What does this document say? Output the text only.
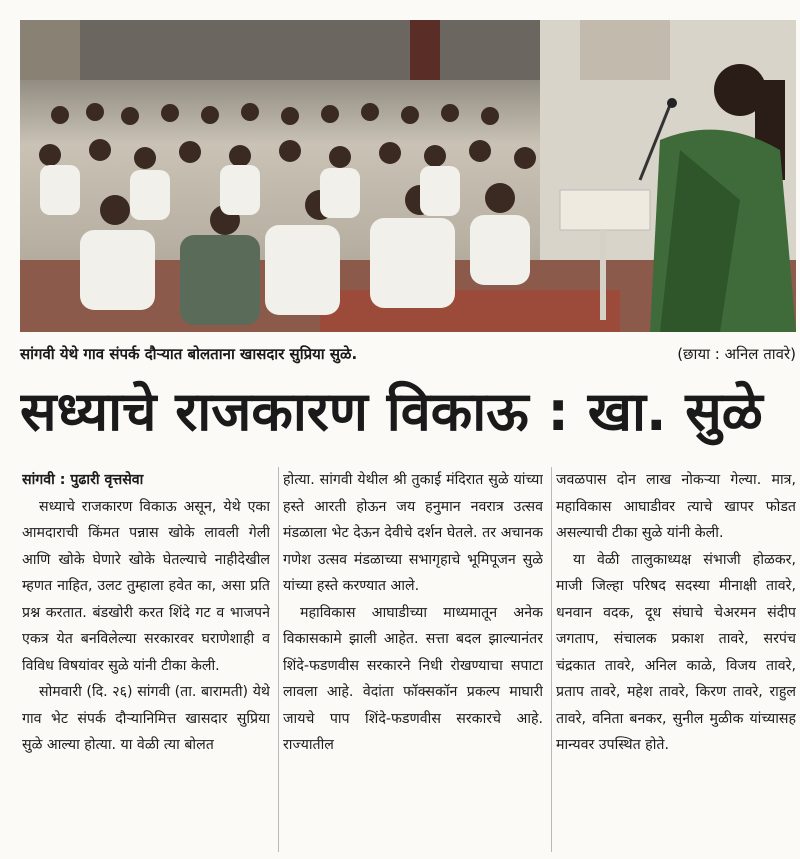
सांगवी येथे गाव संपर्क दौऱ्यात बोलताना खासदार सुप्रिया सुळे.	(छाया : अनिल तावरे)
सध्याचे राजकारण विकाऊ : खा. सुळे

सांगवी : पुढारी वृत्तसेवा

सध्याचे राजकारण विकाऊ असून, येथे एका आमदाराची किंमत पन्नास खोके लावली गेली आणि खोके घेणारे खोके घेतल्याचे नाहीदेखील म्हणत नाहित, उलट तुम्हाला हवेत का, असा प्रति प्रश्न करतात. बंडखोरी करत शिंदे गट व भाजपने एकत्र येत बनविलेल्या सरकारवर घराणेशाही व विविध विषयांवर सुळे यांनी टीका केली.

सोमवारी (दि. २६) सांगवी (ता. बारामती) येथे गाव भेट संपर्क दौऱ्यानिमित्त खासदार सुप्रिया सुळे आल्या होत्या. या वेळी त्या बोलत

होत्या. सांगवी येथील श्री तुकाई मंदिरात सुळे यांच्या हस्ते आरती होऊन जय हनुमान नवरात्र उत्सव मंडळाला भेट देऊन देवीचे दर्शन घेतले. तर अचानक गणेश उत्सव मंडळाच्या सभागृहाचे भूमिपूजन सुळे यांच्या हस्ते करण्यात आले.

महाविकास आघाडीच्या माध्यमातून अनेक विकासकामे झाली आहेत. सत्ता बदल झाल्यानंतर शिंदे-फडणवीस सरकारने निधी रोखण्याचा सपाटा लावला आहे. वेदांता फॉक्सकॉन प्रकल्प माघारी जायचे पाप शिंदे-फडणवीस सरकारचे आहे. राज्यातील

जवळपास दोन लाख नोकऱ्या गेल्या. मात्र, महाविकास आघाडीवर त्याचे खापर फोडत असल्याची टीका सुळे यांनी केली.

या वेळी तालुकाध्यक्ष संभाजी होळकर, माजी जिल्हा परिषद सदस्या मीनाक्षी तावरे, धनवान वदक, दूध संघाचे चेअरमन संदीप जगताप, संचालक प्रकाश तावरे, सरपंच चंद्रकात तावरे, अनिल काळे, विजय तावरे, प्रताप तावरे, महेश तावरे, किरण तावरे, राहुल तावरे, वनिता बनकर, सुनील मुळीक यांच्यासह मान्यवर उपस्थित होते.
